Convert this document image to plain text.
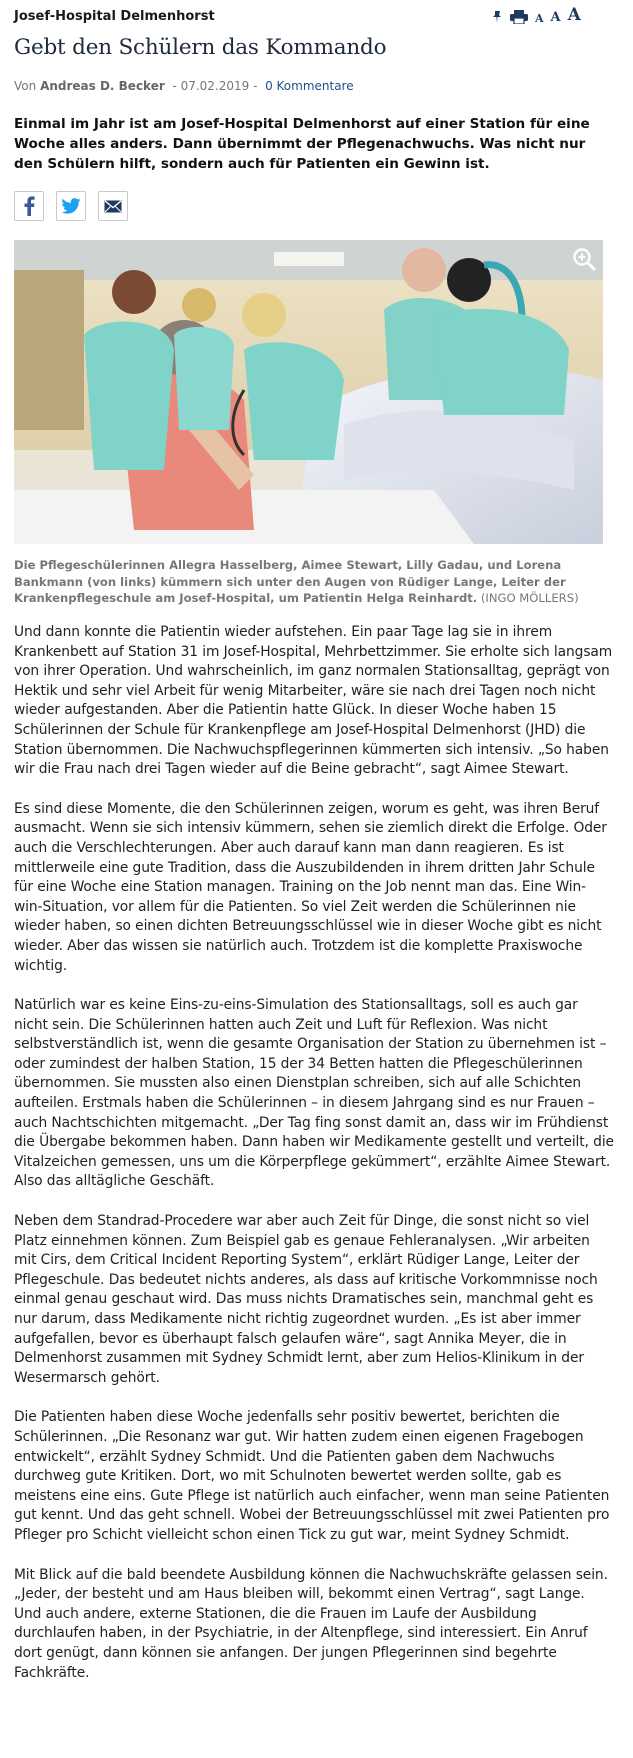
Josef-Hospital Delmenhorst	A A A
Gebt den Schülern das Kommando
Von Andreas D. Becker  - 07.02.2019 -  0 Kommentare
Einmal im Jahr ist am Josef-Hospital Delmenhorst auf einer Station für eine Woche alles anders. Dann übernimmt der Pflegenachwuchs. Was nicht nur den Schülern hilft, sondern auch für Patienten ein Gewinn ist.
Die Pflegeschülerinnen Allegra Hasselberg, Aimee Stewart, Lilly Gadau, und Lorena Bankmann (von links) kümmern sich unter den Augen von Rüdiger Lange, Leiter der Krankenpflegeschule am Josef-Hospital, um Patientin Helga Reinhardt. (INGO MÖLLERS)

Und dann konnte die Patientin wieder aufstehen. Ein paar Tage lag sie in ihrem Krankenbett auf Station 31 im Josef-Hospital, Mehrbettzimmer. Sie erholte sich langsam von ihrer Operation. Und wahrscheinlich, im ganz normalen Stationsalltag, geprägt von Hektik und sehr viel Arbeit für wenig Mitarbeiter, wäre sie nach drei Tagen noch nicht wieder aufgestanden. Aber die Patientin hatte Glück. In dieser Woche haben 15 Schülerinnen der Schule für Krankenpflege am Josef-Hospital Delmenhorst (JHD) die Station übernommen. Die Nachwuchspflegerinnen kümmerten sich intensiv. „So haben wir die Frau nach drei Tagen wieder auf die Beine gebracht“, sagt Aimee Stewart.

Es sind diese Momente, die den Schülerinnen zeigen, worum es geht, was ihren Beruf ausmacht. Wenn sie sich intensiv kümmern, sehen sie ziemlich direkt die Erfolge. Oder auch die Verschlechterungen. Aber auch darauf kann man dann reagieren. Es ist mittlerweile eine gute Tradition, dass die Auszubildenden in ihrem dritten Jahr Schule für eine Woche eine Station managen. Training on the Job nennt man das. Eine Win-win-Situation, vor allem für die Patienten. So viel Zeit werden die Schülerinnen nie wieder haben, so einen dichten Betreuungsschlüssel wie in dieser Woche gibt es nicht wieder. Aber das wissen sie natürlich auch. Trotzdem ist die komplette Praxiswoche wichtig.

Natürlich war es keine Eins-zu-eins-Simulation des Stationsalltags, soll es auch gar nicht sein. Die Schülerinnen hatten auch Zeit und Luft für Reflexion. Was nicht selbstverständlich ist, wenn die gesamte Organisation der Station zu übernehmen ist – oder zumindest der halben Station, 15 der 34 Betten hatten die Pflegeschülerinnen übernommen. Sie mussten also einen Dienstplan schreiben, sich auf alle Schichten aufteilen. Erstmals haben die Schülerinnen – in diesem Jahrgang sind es nur Frauen – auch Nachtschichten mitgemacht. „Der Tag fing sonst damit an, dass wir im Frühdienst die Übergabe bekommen haben. Dann haben wir Medikamente gestellt und verteilt, die Vitalzeichen gemessen, uns um die Körperpflege gekümmert“, erzählte Aimee Stewart. Also das alltägliche Geschäft.

Neben dem Standrad-Procedere war aber auch Zeit für Dinge, die sonst nicht so viel Platz einnehmen können. Zum Beispiel gab es genaue Fehleranalysen. „Wir arbeiten mit Cirs, dem Critical Incident Reporting System“, erklärt Rüdiger Lange, Leiter der Pflegeschule. Das bedeutet nichts anderes, als dass auf kritische Vorkommnisse noch einmal genau geschaut wird. Das muss nichts Dramatisches sein, manchmal geht es nur darum, dass Medikamente nicht richtig zugeordnet wurden. „Es ist aber immer aufgefallen, bevor es überhaupt falsch gelaufen wäre“, sagt Annika Meyer, die in Delmenhorst zusammen mit Sydney Schmidt lernt, aber zum Helios-Klinikum in der Wesermarsch gehört.

Die Patienten haben diese Woche jedenfalls sehr positiv bewertet, berichten die Schülerinnen. „Die Resonanz war gut. Wir hatten zudem einen eigenen Fragebogen entwickelt“, erzählt Sydney Schmidt. Und die Patienten gaben dem Nachwuchs durchweg gute Kritiken. Dort, wo mit Schulnoten bewertet werden sollte, gab es meistens eine eins. Gute Pflege ist natürlich auch einfacher, wenn man seine Patienten gut kennt. Und das geht schnell. Wobei der Betreuungsschlüssel mit zwei Patienten pro Pfleger pro Schicht vielleicht schon einen Tick zu gut war, meint Sydney Schmidt.

Mit Blick auf die bald beendete Ausbildung können die Nachwuchskräfte gelassen sein. „Jeder, der besteht und am Haus bleiben will, bekommt einen Vertrag“, sagt Lange. Und auch andere, externe Stationen, die die Frauen im Laufe der Ausbildung durchlaufen haben, in der Psychiatrie, in der Altenpflege, sind interessiert. Ein Anruf dort genügt, dann können sie anfangen. Der jungen Pflegerinnen sind begehrte Fachkräfte.
